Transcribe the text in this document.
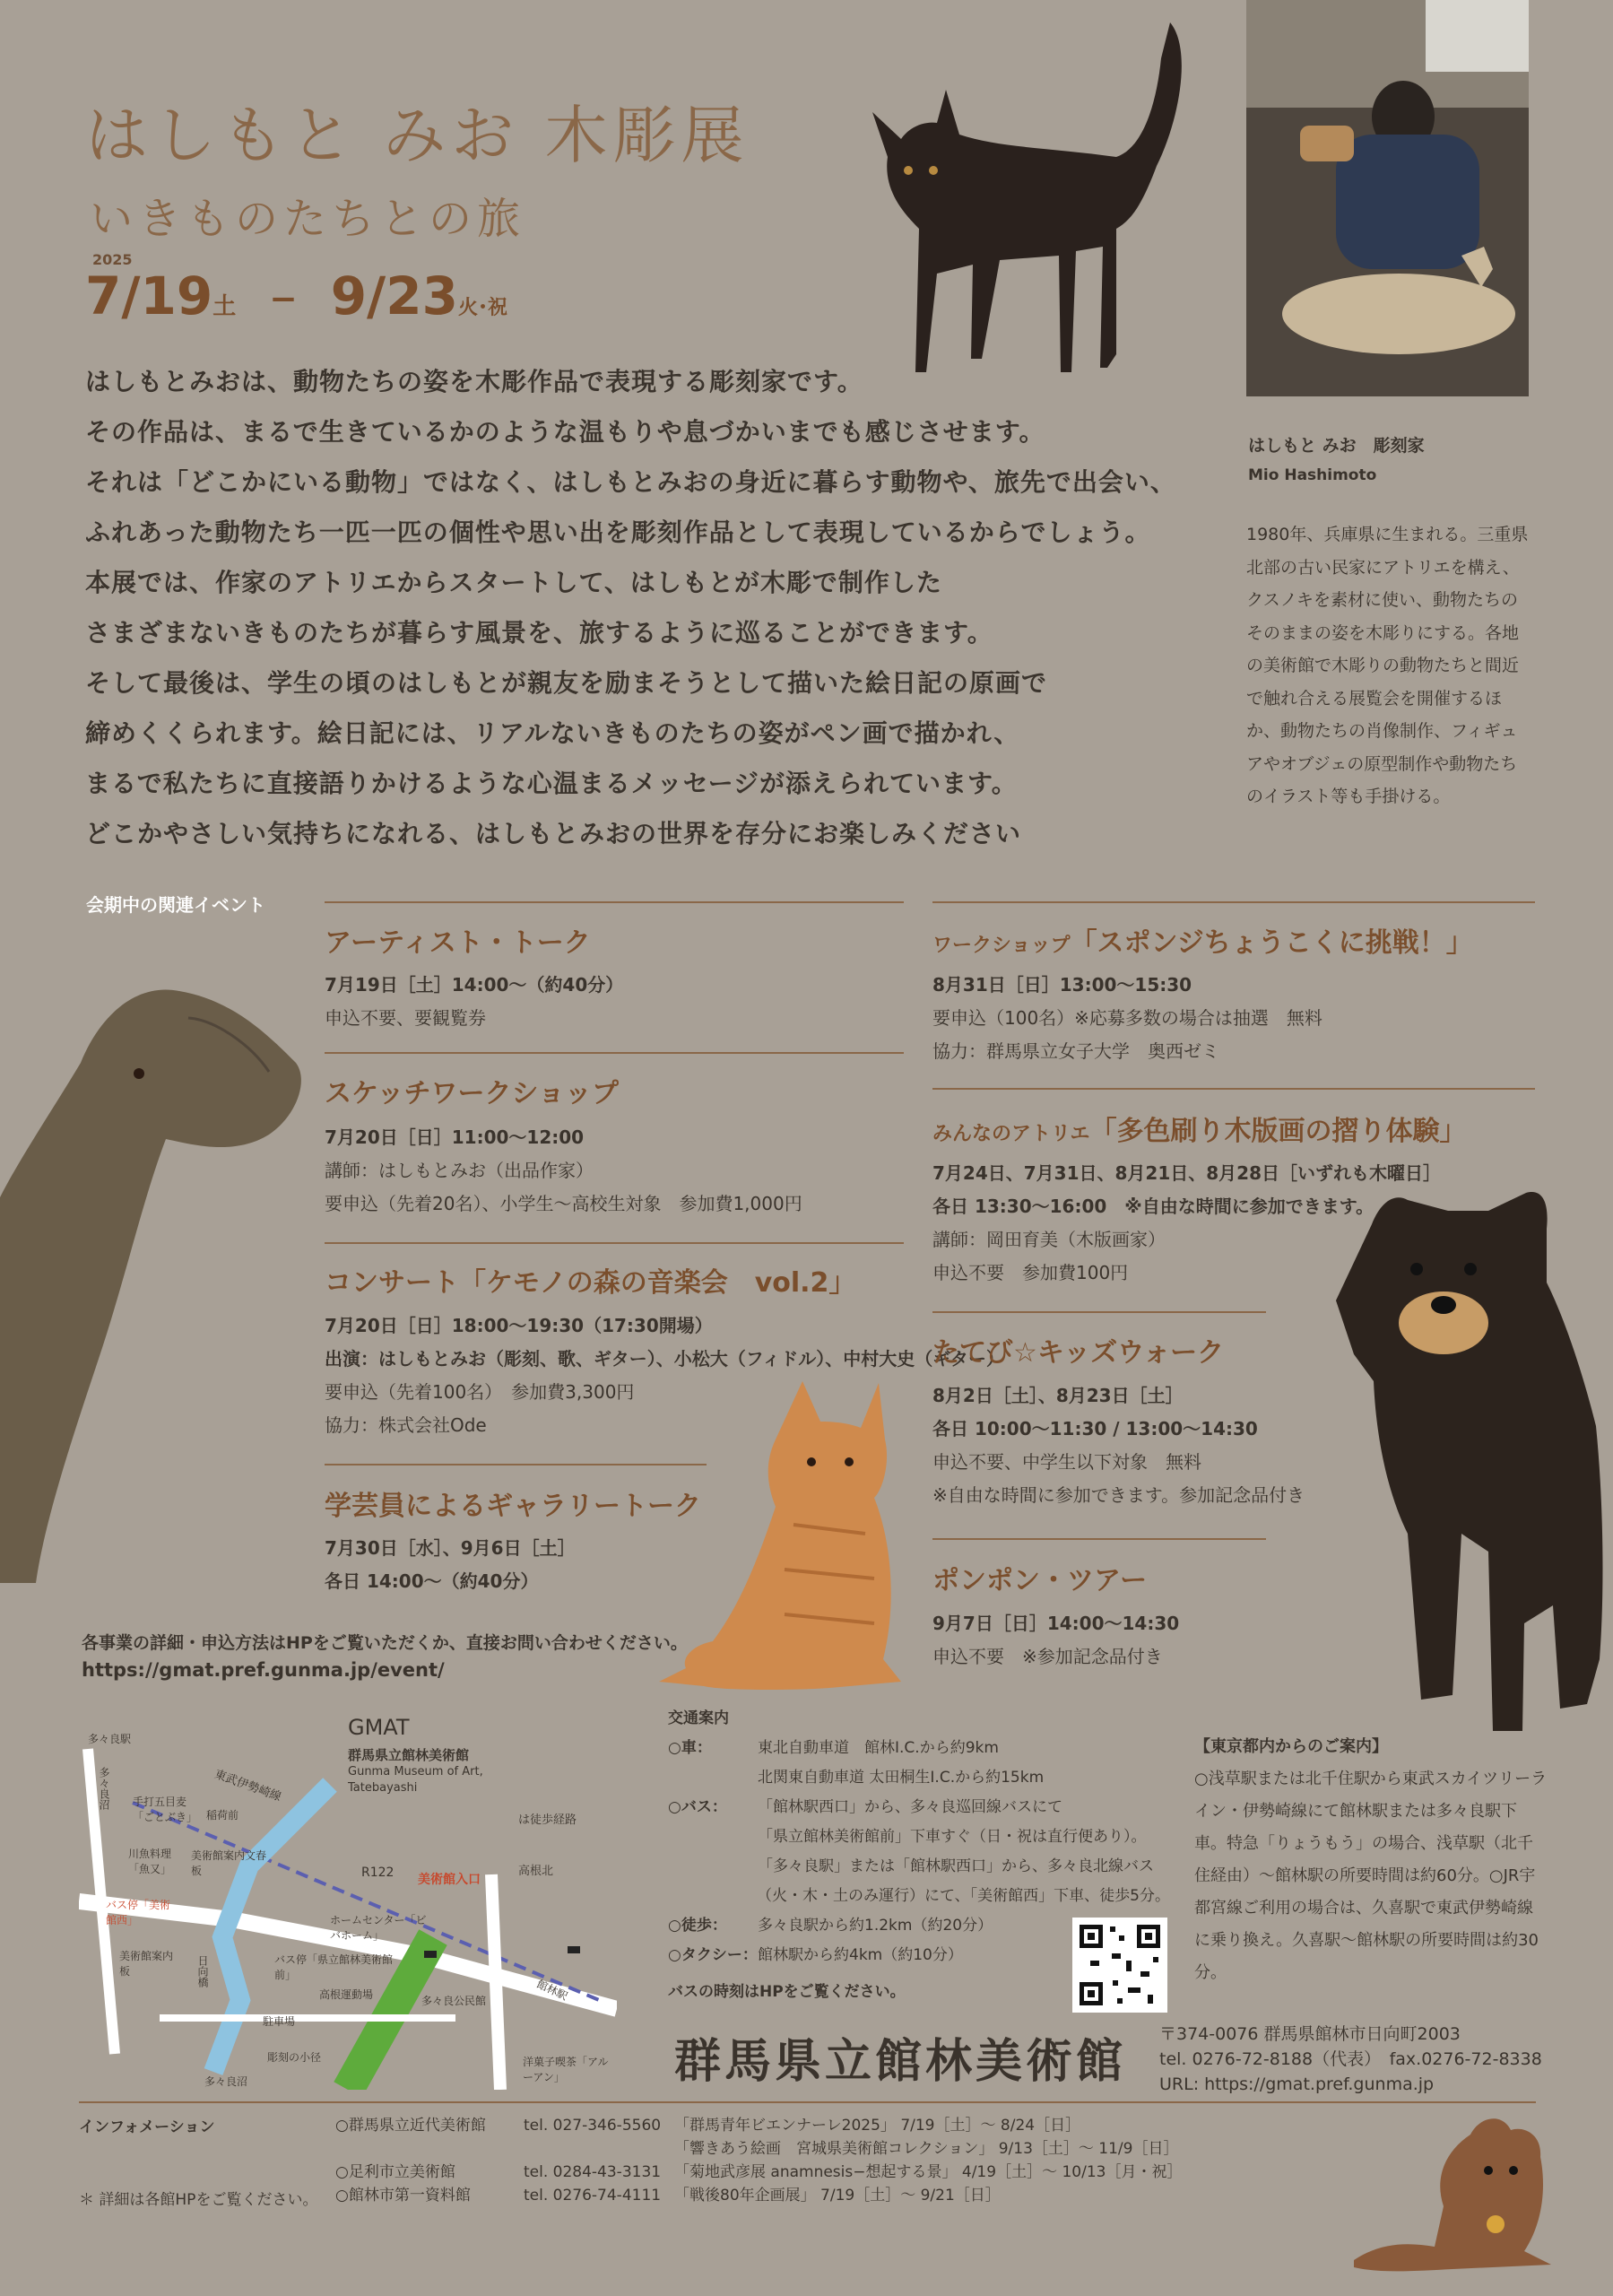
はしもと みお 木彫展
いきものたちとの旅
2025
7/19土 – 9/23火･祝
はしもと みお　彫刻家
Mio Hashimoto
1980年、兵庫県に生まれる。三重県北部の古い民家にアトリエを構え、クスノキを素材に使い、動物たちのそのままの姿を木彫りにする。各地の美術館で木彫りの動物たちと間近で触れ合える展覧会を開催するほか、動物たちの肖像制作、フィギュアやオブジェの原型制作や動物たちのイラスト等も手掛ける。
はしもとみおは、動物たちの姿を木彫作品で表現する彫刻家です。
その作品は、まるで生きているかのような温もりや息づかいまでも感じさせます。
それは「どこかにいる動物」ではなく、はしもとみおの身近に暮らす動物や、旅先で出会い、
ふれあった動物たち一匹一匹の個性や思い出を彫刻作品として表現しているからでしょう。
本展では、作家のアトリエからスタートして、はしもとが木彫で制作した
さまざまないきものたちが暮らす風景を、旅するように巡ることができます。
そして最後は、学生の頃のはしもとが親友を励まそうとして描いた絵日記の原画で
締めくくられます。絵日記には、リアルないきものたちの姿がペン画で描かれ、
まるで私たちに直接語りかけるような心温まるメッセージが添えられています。
どこかやさしい気持ちになれる、はしもとみおの世界を存分にお楽しみください
会期中の関連イベント
アーティスト・トーク
7月19日［土］14:00〜（約40分）
申込不要、要観覧券
スケッチワークショップ
7月20日［日］11:00〜12:00
講師：はしもとみお（出品作家）
要申込（先着20名）、小学生〜高校生対象　参加費1,000円
コンサート「ケモノの森の音楽会　vol.2」
7月20日［日］18:00〜19:30（17:30開場）
出演：はしもとみお（彫刻、歌、ギター）、小松大（フィドル）、中村大史（ギター）
要申込（先着100名）　参加費3,300円
協力：株式会社Ode
学芸員によるギャラリートーク
7月30日［水］、9月6日［土］
各日 14:00〜（約40分）
ワークショップ「スポンジちょうこくに挑戦！」
8月31日［日］13:00〜15:30
要申込（100名）※応募多数の場合は抽選　無料
協力：群馬県立女子大学　奥西ゼミ
みんなのアトリエ「多色刷り木版画の摺り体験」
7月24日、7月31日、8月21日、8月28日［いずれも木曜日］
各日 13:30〜16:00　※自由な時間に参加できます。
講師：岡田育美（木版画家）
申込不要　参加費100円
たてび☆キッズウォーク
8月2日［土］、8月23日［土］
各日 10:00〜11:30 / 13:00〜14:30
申込不要、中学生以下対象　無料
※自由な時間に参加できます。参加記念品付き
ポンポン・ツアー
9月7日［日］14:00〜14:30
申込不要　※参加記念品付き
各事業の詳細・申込方法はHPをご覧いただくか、直接お問い合わせください。
https://gmat.pref.gunma.jp/event/
GMAT
群馬県立館林美術館
Gunma Museum of Art,
Tatebayashi
は徒歩経路
東武伊勢崎線
R122 美術館入口
高根北
ホームセンター「ビバホーム」
バス停「県立館林美術館前」
高根運動場	多々良公民館
駐車場
彫刻の小径	洋菓子喫茶「アルーアン」
多々良沼
館林駅
多々良駅
日向橋
川魚料理「魚又」
手打五目麦「ごとぶき」 稲荷前
美術館案内板
文春
バス停「美術館西」
美術館案内板
多々良沼
交通案内
○車：	東北自動車道　館林I.C.から約9km
北関東自動車道 太田桐生I.C.から約15km
○バス：	「館林駅西口」から、多々良巡回線バスにて
「県立館林美術館前」下車すぐ（日・祝は直行便あり）。
「多々良駅」または「館林駅西口」から、多々良北線バス
（火・木・土のみ運行）にて、「美術館西」下車、徒歩5分。
○徒歩：	多々良駅から約1.2km（約20分）
○タクシー： 館林駅から約4km（約10分）
バスの時刻はHPをご覧ください。
【東京都内からのご案内】
○浅草駅または北千住駅から東武スカイツリーライン・伊勢崎線にて館林駅または多々良駅下車。特急「りょうもう」の場合、浅草駅（北千住経由）〜館林駅の所要時間は約60分。○JR宇都宮線ご利用の場合は、久喜駅で東武伊勢崎線に乗り換え。久喜駅〜館林駅の所要時間は約30分。
群馬県立館林美術館
〒374-0076 群馬県館林市日向町2003
tel. 0276-72-8188（代表）　fax.0276-72-8338
URL: https://gmat.pref.gunma.jp
インフォメーション	○群馬県立近代美術館	tel. 027-346-5560 「群馬青年ビエンナーレ2025」 7/19［土］〜 8/24［日］
「響きあう絵画　宮城県美術館コレクション」 9/13［土］〜 11/9［日］
○足利市立美術館	tel. 0284-43-3131 「菊地武彦展 anamnesis−想起する景」 4/19［土］〜 10/13［月・祝］
○館林市第一資料館	tel. 0276-74-4111 「戦後80年企画展」 7/19［土］〜 9/21［日］
＊ 詳細は各館HPをご覧ください。
